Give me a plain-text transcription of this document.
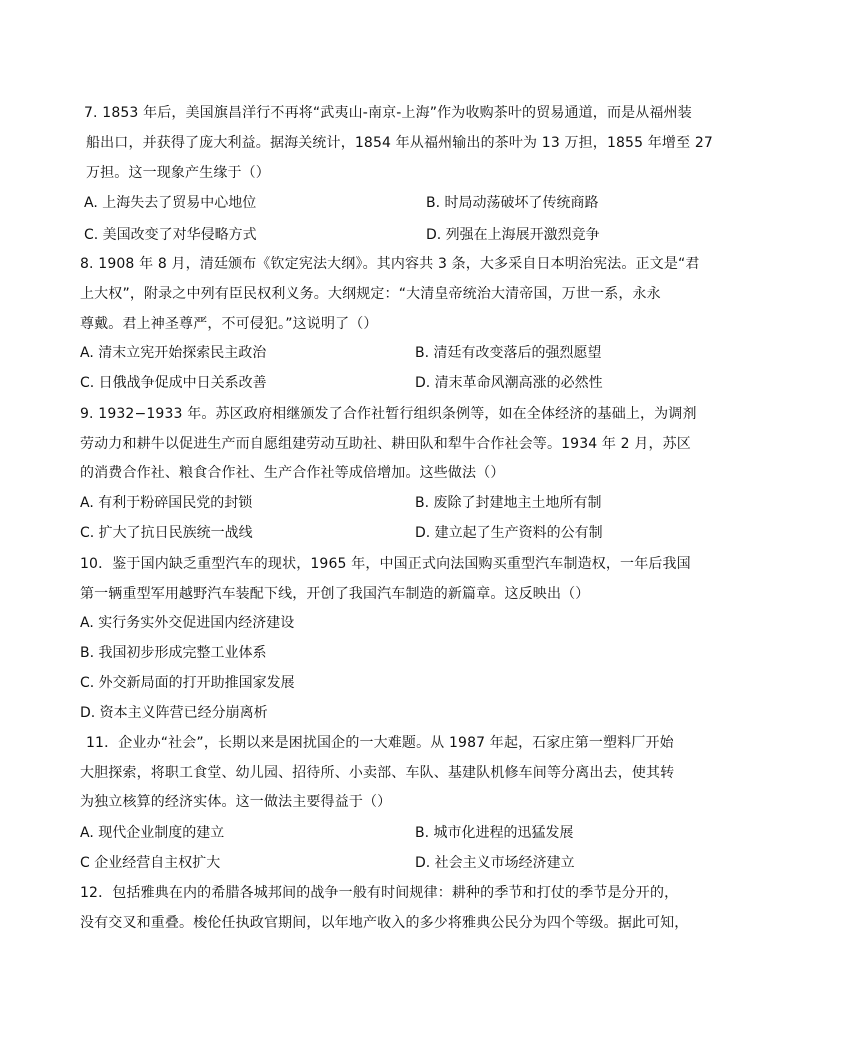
7. 1853 年后，美国旗昌洋行不再将“武夷山-南京-上海”作为收购茶叶的贸易通道，而是从福州装
船出口，并获得了庞大利益。据海关统计，1854 年从福州输出的茶叶为 13 万担，1855 年增至 27
万担。这一现象产生缘于（）
A. 上海失去了贸易中心地位	B. 时局动荡破坏了传统商路
C. 美国改变了对华侵略方式	D. 列强在上海展开激烈竞争
8. 1908 年 8 月，清廷颁布《钦定宪法大纲》。其内容共 3 条，大多采自日本明治宪法。正文是“君
上大权”，附录之中列有臣民权利义务。大纲规定：“大清皇帝统治大清帝国，万世一系，永永
尊戴。君上神圣尊严，不可侵犯。”这说明了（）
A. 清末立宪开始探索民主政治	B. 清廷有改变落后的强烈愿望
C. 日俄战争促成中日关系改善	D. 清末革命风潮高涨的必然性
9. 1932−1933 年。苏区政府相继颁发了合作社暂行组织条例等，如在全体经济的基础上，为调剂
劳动力和耕牛以促进生产而自愿组建劳动互助社、耕田队和犁牛合作社会等。1934 年 2 月，苏区
的消费合作社、粮食合作社、生产合作社等成倍增加。这些做法（）
A. 有利于粉碎国民党的封锁	B. 废除了封建地主土地所有制
C. 扩大了抗日民族统一战线	D. 建立起了生产资料的公有制
10．鉴于国内缺乏重型汽车的现状，1965 年，中国正式向法国购买重型汽车制造权，一年后我国
第一辆重型军用越野汽车装配下线，开创了我国汽车制造的新篇章。这反映出（）
A. 实行务实外交促进国内经济建设
B. 我国初步形成完整工业体系
C. 外交新局面的打开助推国家发展
D. 资本主义阵营已经分崩离析
11．企业办“社会”，长期以来是困扰国企的一大难题。从 1987 年起，石家庄第一塑料厂开始
大胆探索，将职工食堂、幼儿园、招待所、小卖部、车队、基建队机修车间等分离出去，使其转
为独立核算的经济实体。这一做法主要得益于（）
A. 现代企业制度的建立	B. 城市化进程的迅猛发展
C 企业经营自主权扩大	D. 社会主义市场经济建立
12．包括雅典在内的希腊各城邦间的战争一般有时间规律：耕种的季节和打仗的季节是分开的，
没有交叉和重叠。梭伦任执政官期间，以年地产收入的多少将雅典公民分为四个等级。据此可知，
